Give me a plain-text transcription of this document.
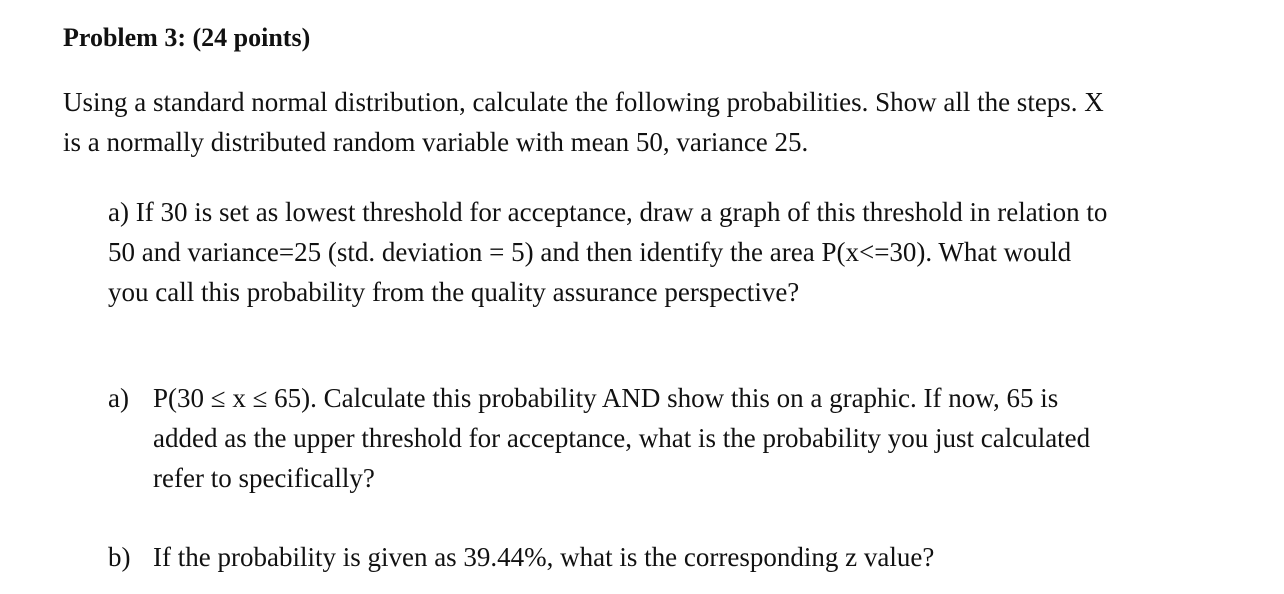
Problem 3: (24 points)
Using a standard normal distribution, calculate the following probabilities. Show all the steps. X
is a normally distributed random variable with mean 50, variance 25.
a) If 30 is set as lowest threshold for acceptance, draw a graph of this threshold in relation to
50 and variance=25 (std. deviation = 5) and then identify the area P(x<=30). What would
you call this probability from the quality assurance perspective?
a) P(30 ≤ x ≤ 65). Calculate this probability AND show this on a graphic. If now, 65 is
added as the upper threshold for acceptance, what is the probability you just calculated
refer to specifically?
b) If the probability is given as 39.44%, what is the corresponding z value?
